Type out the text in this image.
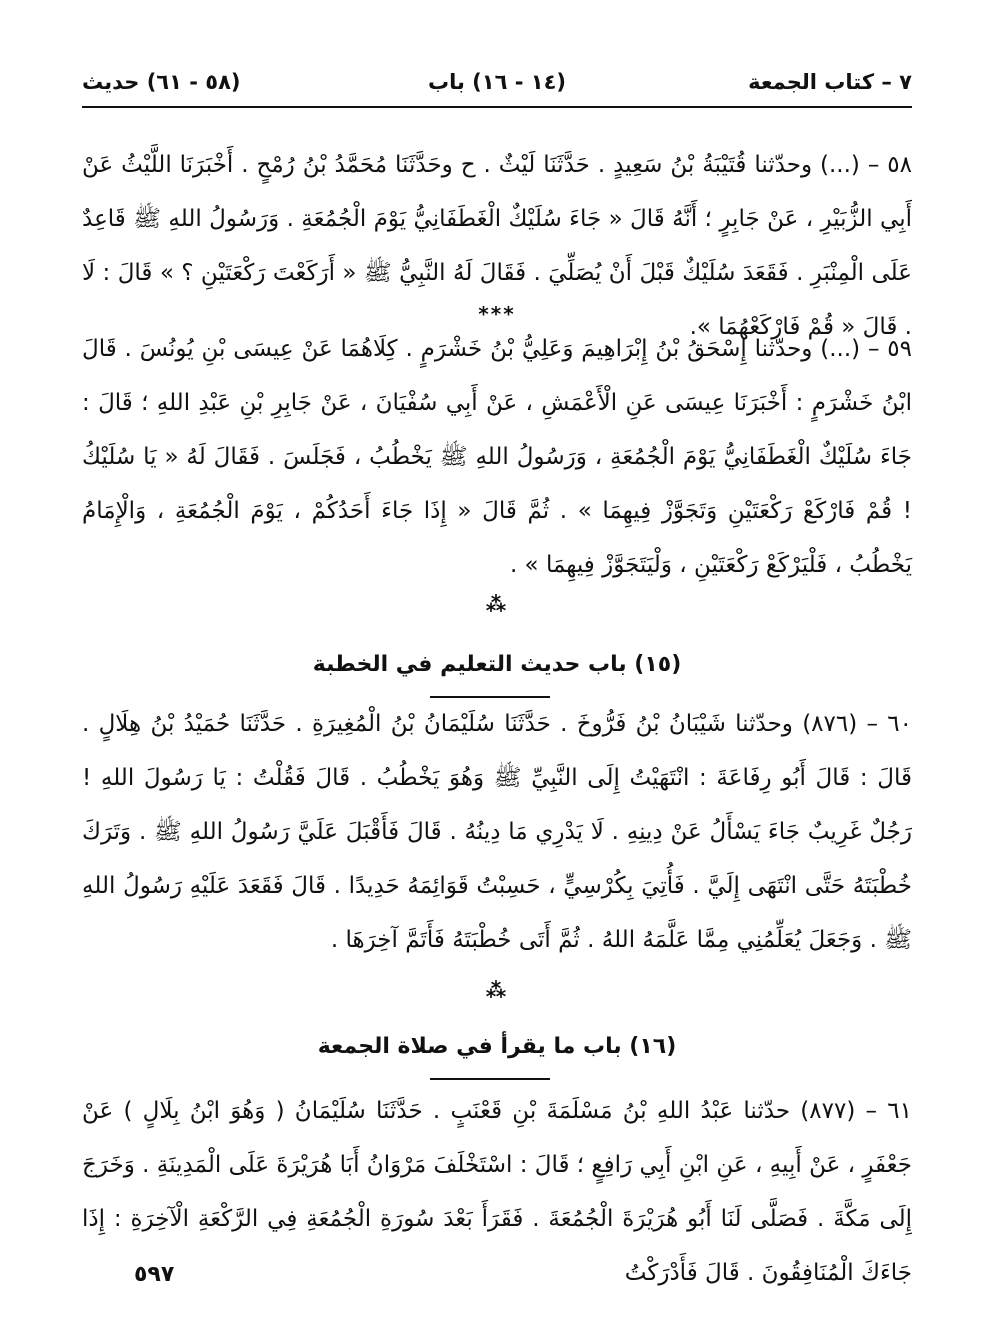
٧ – كتاب الجمعة
(١٤ - ١٦) باب
(٥٨ - ٦١) حديث

٥٨ – (...) وحدّثنا قُتَيْبَةُ بْنُ سَعِيدٍ . حَدَّثَنَا لَيْثٌ . ح وحَدَّثَنَا مُحَمَّدُ بْنُ رُمْحٍ . أَخْبَرَنَا اللَّيْثُ عَنْ أَبِي الزُّبَيْرِ ، عَنْ جَابِرٍ ؛ أَنَّهُ قَالَ « جَاءَ سُلَيْكٌ الْغَطَفَانِيُّ يَوْمَ الْجُمُعَةِ . وَرَسُولُ اللهِ ﷺ قَاعِدٌ عَلَى الْمِنْبَرِ . فَقَعَدَ سُلَيْكٌ قَبْلَ أَنْ يُصَلِّيَ . فَقَالَ لَهُ النَّبِيُّ ﷺ « أَرَكَعْتَ رَكْعَتَيْنِ ؟ » قَالَ : لَا . قَالَ « قُمْ فَارْكَعْهُمَا ».

***

٥٩ – (...) وحدّثنا إِسْحَقُ بْنُ إِبْرَاهِيمَ وَعَلِيُّ بْنُ خَشْرَمٍ . كِلَاهُمَا عَنْ عِيسَى بْنِ يُونُسَ . قَالَ ابْنُ خَشْرَمٍ : أَخْبَرَنَا عِيسَى عَنِ الْأَعْمَشِ ، عَنْ أَبِي سُفْيَانَ ، عَنْ جَابِرِ بْنِ عَبْدِ اللهِ ؛ قَالَ : جَاءَ سُلَيْكٌ الْغَطَفَانِيُّ يَوْمَ الْجُمُعَةِ ، وَرَسُولُ اللهِ ﷺ يَخْطُبُ ، فَجَلَسَ . فَقَالَ لَهُ « يَا سُلَيْكُ ! قُمْ فَارْكَعْ رَكْعَتَيْنِ وَتَجَوَّزْ فِيهِمَا » . ثُمَّ قَالَ « إِذَا جَاءَ أَحَدُكُمْ ، يَوْمَ الْجُمُعَةِ ، وَالْإِمَامُ يَخْطُبُ ، فَلْيَرْكَعْ رَكْعَتَيْنِ ، وَلْيَتَجَوَّزْ فِيهِمَا » .

⁂
(١٥) باب حديث التعليم في الخطبة

٦٠ – (٨٧٦) وحدّثنا شَيْبَانُ بْنُ فَرُّوخَ . حَدَّثَنَا سُلَيْمَانُ بْنُ الْمُغِيرَةِ . حَدَّثَنَا حُمَيْدُ بْنُ هِلَالٍ . قَالَ : قَالَ أَبُو رِفَاعَةَ : انْتَهَيْتُ إِلَى النَّبِيِّ ﷺ وَهُوَ يَخْطُبُ . قَالَ فَقُلْتُ : يَا رَسُولَ اللهِ ! رَجُلٌ غَرِيبٌ جَاءَ يَسْأَلُ عَنْ دِينِهِ . لَا يَدْرِي مَا دِينُهُ . قَالَ فَأَقْبَلَ عَلَيَّ رَسُولُ اللهِ ﷺ . وَتَرَكَ خُطْبَتَهُ حَتَّى انْتَهَى إِلَيَّ . فَأُتِيَ بِكُرْسِيٍّ ، حَسِبْتُ قَوَائِمَهُ حَدِيدًا . قَالَ فَقَعَدَ عَلَيْهِ رَسُولُ اللهِ ﷺ . وَجَعَلَ يُعَلِّمُنِي مِمَّا عَلَّمَهُ اللهُ . ثُمَّ أَتَى خُطْبَتَهُ فَأَتَمَّ آخِرَهَا .

⁂
(١٦) باب ما يقرأ في صلاة الجمعة

٦١ – (٨٧٧) حدّثنا عَبْدُ اللهِ بْنُ مَسْلَمَةَ بْنِ قَعْنَبٍ . حَدَّثَنَا سُلَيْمَانُ ( وَهُوَ ابْنُ بِلَالٍ ) عَنْ جَعْفَرٍ ، عَنْ أَبِيهِ ، عَنِ ابْنِ أَبِي رَافِعٍ ؛ قَالَ : اسْتَخْلَفَ مَرْوَانُ أَبَا هُرَيْرَةَ عَلَى الْمَدِينَةِ . وَخَرَجَ إِلَى مَكَّةَ . فَصَلَّى لَنَا أَبُو هُرَيْرَةَ الْجُمُعَةَ . فَقَرَأَ بَعْدَ سُورَةِ الْجُمُعَةِ فِي الرَّكْعَةِ الْآخِرَةِ : إِذَا جَاءَكَ الْمُنَافِقُونَ . قَالَ فَأَدْرَكْتُ

٥٩٧
